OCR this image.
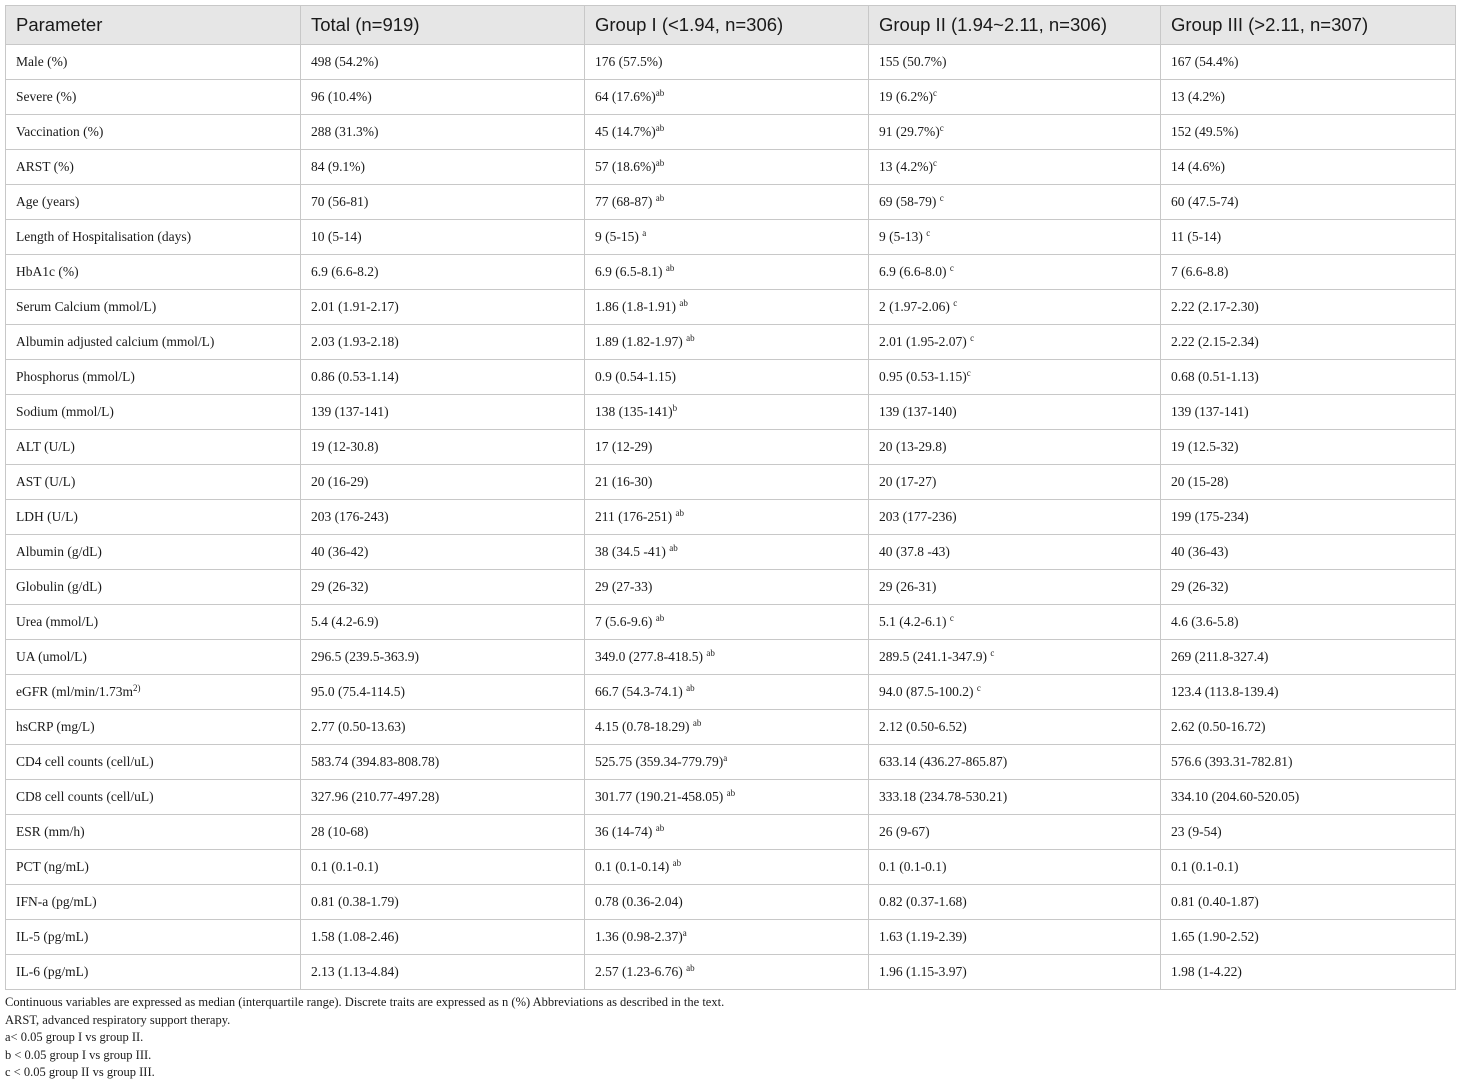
Parameter	Total (n=919)	Group I (<1.94, n=306)	Group II (1.94~2.11, n=306)	Group III (>2.11, n=307)
Male (%)	498 (54.2%)	176 (57.5%)	155 (50.7%)	167 (54.4%)
Severe (%)	96 (10.4%)	64 $(17.6\%)^{ab}$	19 $(6.2\%)^c$	13 (4.2%)
Vaccination (%)	288 (31.3%)	45 $(14.7\%)^{ab}$	91 $(29.7\%)^c$	152 (49.5%)
ARST (%)	84 (9.1%)	57 $(18.6\%)^{ab}$	13 $(4.2\%)^c$	14 (4.6%)
Age (years)	70 (56-81)	77 (68-87) $^{ab}$	69 (58-79) $^c$	60 (47.5-74)
Length of Hospitalisation (days)	10 (5-14)	9 (5-15) $^a$	9 (5-13) $^c$	11 (5-14)
HbA1c (%)	6.9 (6.6-8.2)	6.9 (6.5-8.1) $^{ab}$	6.9 (6.6-8.0) $^c$	7 (6.6-8.8)
Serum Calcium (mmol/L)	2.01 (1.91-2.17)	1.86 (1.8-1.91) $^{ab}$	2 (1.97-2.06) $^c$	2.22 (2.17-2.30)
Albumin adjusted calcium (mmol/L)	2.03 (1.93-2.18)	1.89 (1.82-1.97) $^{ab}$	2.01 (1.95-2.07) $^c$	2.22 (2.15-2.34)
Phosphorus (mmol/L)	0.86 (0.53-1.14)	0.9 (0.54-1.15)	0.95 $(0.53-1.15)^c$	0.68 (0.51-1.13)
Sodium (mmol/L)	139 (137-141)	138 $(135-141)^b$	139 (137-140)	139 (137-141)
ALT (U/L)	19 (12-30.8)	17 (12-29)	20 (13-29.8)	19 (12.5-32)
AST (U/L)	20 (16-29)	21 (16-30)	20 (17-27)	20 (15-28)
LDH (U/L)	203 (176-243)	211 (176-251) $^{ab}$	203 (177-236)	199 (175-234)
Albumin (g/dL)	40 (36-42)	38 (34.5 -41) $^{ab}$	40 (37.8 -43)	40 (36-43)
Globulin (g/dL)	29 (26-32)	29 (27-33)	29 (26-31)	29 (26-32)
Urea (mmol/L)	5.4 (4.2-6.9)	7 (5.6-9.6) $^{ab}$	5.1 (4.2-6.1) $^c$	4.6 (3.6-5.8)
UA (umol/L)	296.5 (239.5-363.9)	349.0 (277.8-418.5) $^{ab}$	289.5 (241.1-347.9) $^c$	269 (211.8-327.4)
eGFR ($ml/\min/1.73m^{2)}$	95.0 (75.4-114.5)	66.7 (54.3-74.1) $^{ab}$	94.0 (87.5-100.2) $^c$	123.4 (113.8-139.4)
hsCRP (mg/L)	2.77 (0.50-13.63)	4.15 (0.78-18.29) $^{ab}$	2.12 (0.50-6.52)	2.62 (0.50-16.72)
CD4 cell counts (cell/uL)	583.74 (394.83-808.78)	525.75 $(359.34-779.79)^a$	633.14 (436.27-865.87)	576.6 (393.31-782.81)
CD8 cell counts (cell/uL)	327.96 (210.77-497.28)	301.77 (190.21-458.05) $^{ab}$	333.18 (234.78-530.21)	334.10 (204.60-520.05)
ESR (mm/h)	28 (10-68)	36 (14-74) $^{ab}$	26 (9-67)	23 (9-54)
PCT (ng/mL)	0.1 (0.1-0.1)	0.1 (0.1-0.14) $^{ab}$	0.1 (0.1-0.1)	0.1 (0.1-0.1)
IFN-a (pg/mL)	0.81 (0.38-1.79)	0.78 (0.36-2.04)	0.82 (0.37-1.68)	0.81 (0.40-1.87)
IL-5 (pg/mL)	1.58 (1.08-2.46)	1.36 $(0.98-2.37)^a$	1.63 (1.19-2.39)	1.65 (1.90-2.52)
IL-6 (pg/mL)	2.13 (1.13-4.84)	2.57 (1.23-6.76) $^{ab}$	1.96 (1.15-3.97)	1.98 (1-4.22)
Continuous variables are expressed as median (interquartile range). Discrete traits are expressed as n (%) Abbreviations as described in the text.
ARST, advanced respiratory support therapy.
a< 0.05 group I vs group II.
b < 0.05 group I vs group III.
c < 0.05 group II vs group III.
